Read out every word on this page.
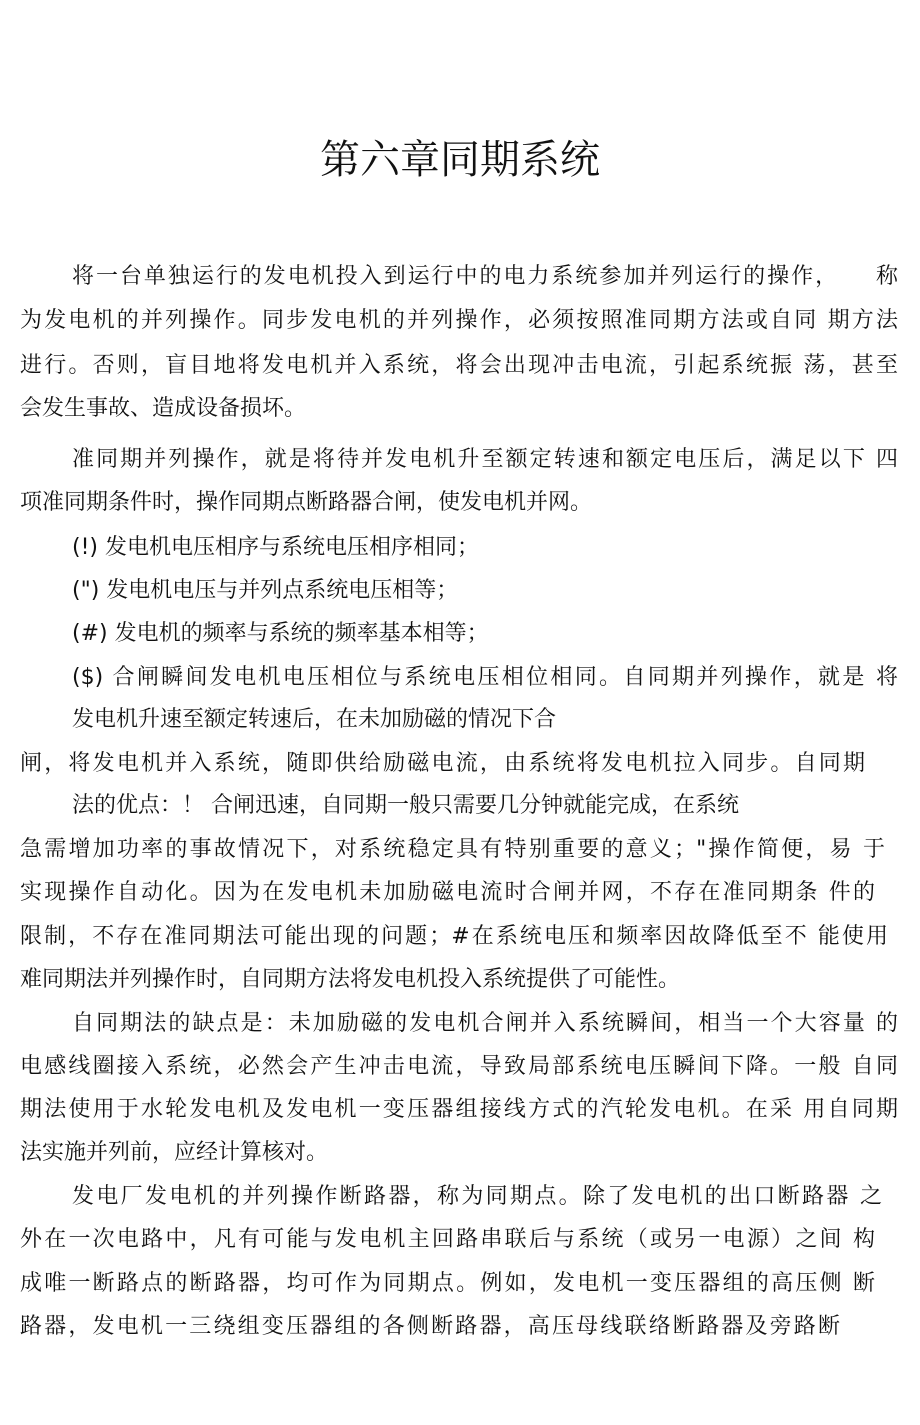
第六章同期系统
将一台单独运行的发电机投入到运行中的电力系统参加并列运行的操作，　　称
为发电机的并列操作。同步发电机的并列操作，必须按照准同期方法或自同 期方法
进行。否则，盲目地将发电机并入系统，将会出现冲击电流，引起系统振 荡，甚至
会发生事故、造成设备损坏。
准同期并列操作，就是将待并发电机升至额定转速和额定电压后，满足以下 四
项准同期条件时，操作同期点断路器合闸，使发电机并网。
(!) 发电机电压相序与系统电压相序相同；
(") 发电机电压与并列点系统电压相等；
(#) 发电机的频率与系统的频率基本相等；
($) 合闸瞬间发电机电压相位与系统电压相位相同。自同期并列操作，就是 将
发电机升速至额定转速后，在未加励磁的情况下合
闸，将发电机并入系统，随即供给励磁电流，由系统将发电机拉入同步。自同期
法的优点：！ 合闸迅速，自同期一般只需要几分钟就能完成，在系统
急需增加功率的事故情况下，对系统稳定具有特别重要的意义；"操作简便，易 于
实现操作自动化。因为在发电机未加励磁电流时合闸并网，不存在准同期条 件的
限制，不存在准同期法可能出现的问题；#在系统电压和频率因故降低至不 能使用
难同期法并列操作时，自同期方法将发电机投入系统提供了可能性。
自同期法的缺点是：未加励磁的发电机合闸并入系统瞬间，相当一个大容量 的
电感线圈接入系统，必然会产生冲击电流，导致局部系统电压瞬间下降。一般 自同
期法使用于水轮发电机及发电机一变压器组接线方式的汽轮发电机。在采 用自同期
法实施并列前，应经计算核对。
发电厂发电机的并列操作断路器，称为同期点。除了发电机的出口断路器 之
外在一次电路中，凡有可能与发电机主回路串联后与系统（或另一电源）之间 构
成唯一断路点的断路器，均可作为同期点。例如，发电机一变压器组的高压侧 断
路器，发电机一三绕组变压器组的各侧断路器，高压母线联络断路器及旁路断
